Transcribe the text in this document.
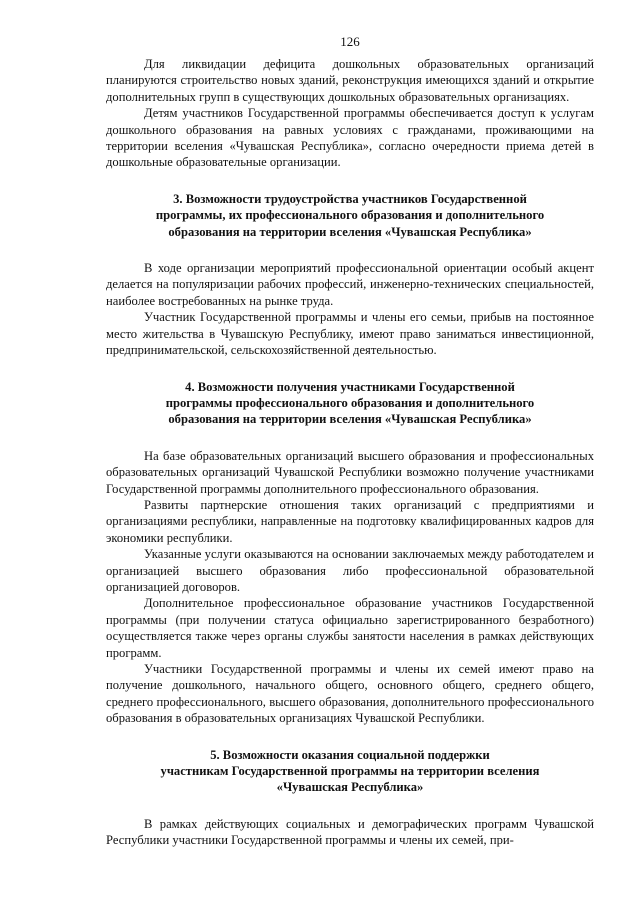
126

Для ликвидации дефицита дошкольных образовательных организаций планируются строительство новых зданий, реконструкция имеющихся зданий и открытие дополнительных групп в существующих дошкольных образовательных организациях.

Детям участников Государственной программы обеспечивается доступ к услугам дошкольного образования на равных условиях с гражданами, проживающими на территории вселения «Чувашская Республика», согласно очередности приема детей в дошкольные образовательные организации.

3. Возможности трудоустройства участников Государственной
программы, их профессионального образования и дополнительного
образования на территории вселения «Чувашская Республика»

В ходе организации мероприятий профессиональной ориентации особый акцент делается на популяризации рабочих профессий, инженерно-технических специальностей, наиболее востребованных на рынке труда.

Участник Государственной программы и члены его семьи, прибыв на постоянное место жительства в Чувашскую Республику, имеют право заниматься инвестиционной, предпринимательской, сельскохозяйственной деятельностью.

4. Возможности получения участниками Государственной
программы профессионального образования и дополнительного
образования на территории вселения «Чувашская Республика»

На базе образовательных организаций высшего образования и профессиональных образовательных организаций Чувашской Республики возможно получение участниками Государственной программы дополнительного профессионального образования.

Развиты партнерские отношения таких организаций с предприятиями и организациями республики, направленные на подготовку квалифицированных кадров для экономики республики.

Указанные услуги оказываются на основании заключаемых между работодателем и организацией высшего образования либо профессиональной образовательной организацией договоров.

Дополнительное профессиональное образование участников Государственной программы (при получении статуса официально зарегистрированного безработного) осуществляется также через органы службы занятости населения в рамках действующих программ.

Участники Государственной программы и члены их семей имеют право на получение дошкольного, начального общего, основного общего, среднего общего, среднего профессионального, высшего образования, дополнительного профессионального образования в образовательных организациях Чувашской Республики.

5. Возможности оказания социальной поддержки
участникам Государственной программы на территории вселения
«Чувашская Республика»

В рамках действующих социальных и демографических программ Чувашской Республики участники Государственной программы и члены их семей, при-
